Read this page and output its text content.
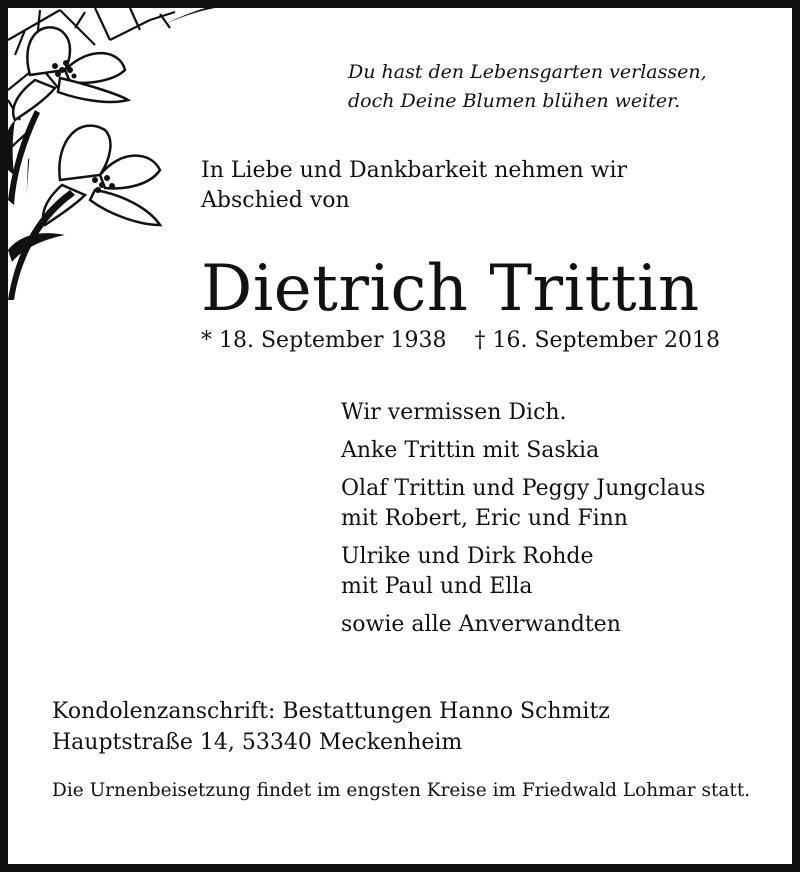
Du hast den Lebensgarten verlassen,
doch Deine Blumen blühen weiter.
In Liebe und Dankbarkeit nehmen wir
Abschied von
Dietrich Trittin
* 18. September 1938 † 16. September 2018
Wir vermissen Dich.
Anke Trittin mit Saskia
Olaf Trittin und Peggy Jungclaus
mit Robert, Eric und Finn
Ulrike und Dirk Rohde
mit Paul und Ella
sowie alle Anverwandten
Kondolenzanschrift: Bestattungen Hanno Schmitz
Hauptstraße 14, 53340 Meckenheim
Die Urnenbeisetzung findet im engsten Kreise im Friedwald Lohmar statt.
